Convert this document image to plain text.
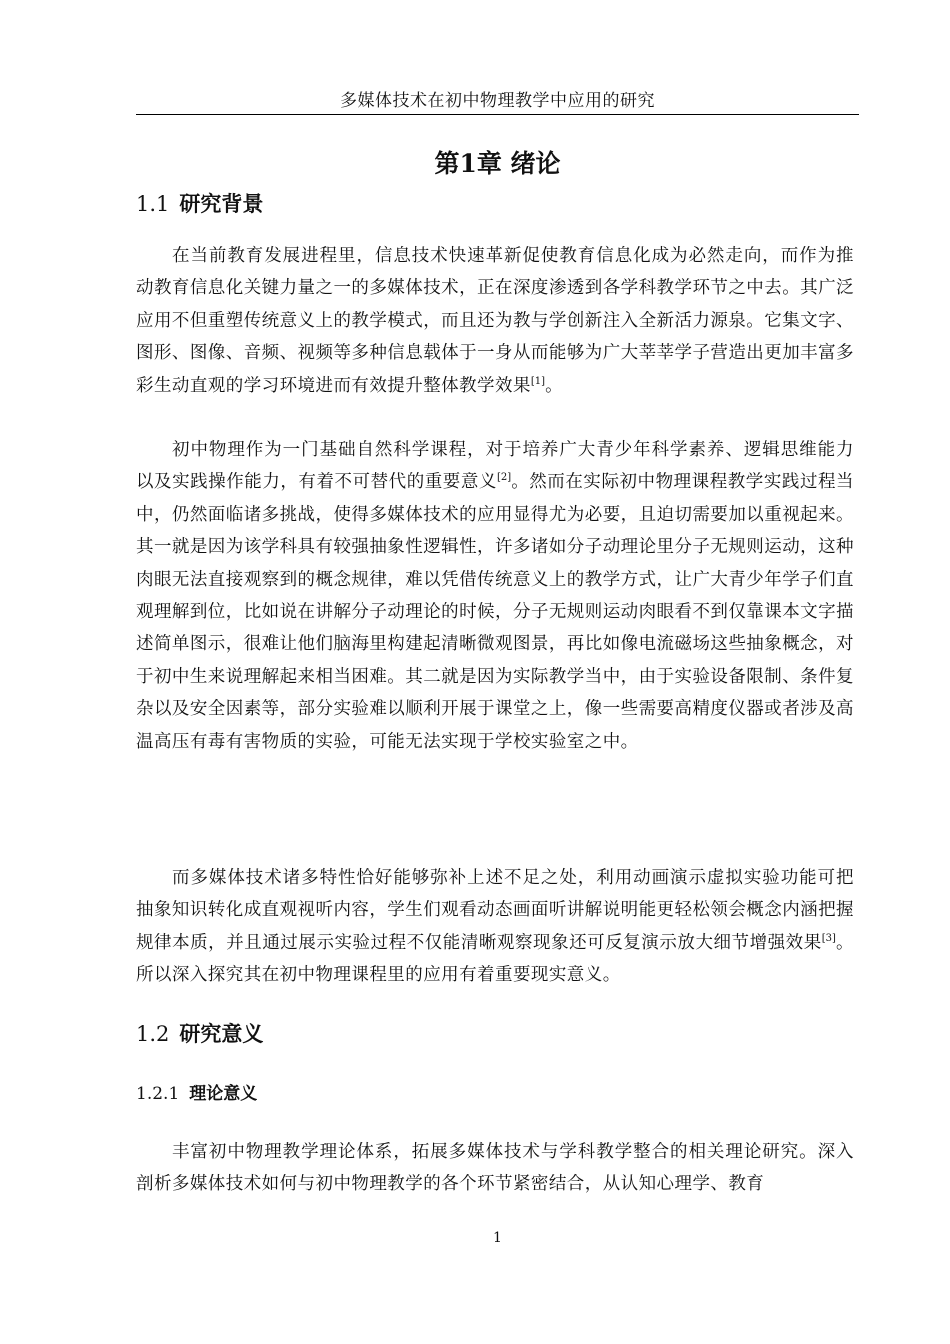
多媒体技术在初中物理教学中应用的研究
第1章 绪论
1.1 研究背景

在当前教育发展进程里，信息技术快速革新促使教育信息化成为必然走向，而作为推动教育信息化关键力量之一的多媒体技术，正在深度渗透到各学科教学环节之中去。其广泛应用不但重塑传统意义上的教学模式，而且还为教与学创新注入全新活力源泉。它集文字、图形、图像、音频、视频等多种信息载体于一身从而能够为广大莘莘学子营造出更加丰富多彩生动直观的学习环境进而有效提升整体教学效果[1]。

初中物理作为一门基础自然科学课程，对于培养广大青少年科学素养、逻辑思维能力以及实践操作能力，有着不可替代的重要意义[2]。然而在实际初中物理课程教学实践过程当中，仍然面临诸多挑战，使得多媒体技术的应用显得尤为必要，且迫切需要加以重视起来。其一就是因为该学科具有较强抽象性逻辑性，许多诸如分子动理论里分子无规则运动，这种肉眼无法直接观察到的概念规律，难以凭借传统意义上的教学方式，让广大青少年学子们直观理解到位，比如说在讲解分子动理论的时候，分子无规则运动肉眼看不到仅靠课本文字描述简单图示，很难让他们脑海里构建起清晰微观图景，再比如像电流磁场这些抽象概念，对于初中生来说理解起来相当困难。其二就是因为实际教学当中，由于实验设备限制、条件复杂以及安全因素等，部分实验难以顺利开展于课堂之上，像一些需要高精度仪器或者涉及高温高压有毒有害物质的实验，可能无法实现于学校实验室之中。

而多媒体技术诸多特性恰好能够弥补上述不足之处，利用动画演示虚拟实验功能可把抽象知识转化成直观视听内容，学生们观看动态画面听讲解说明能更轻松领会概念内涵把握规律本质，并且通过展示实验过程不仅能清晰观察现象还可反复演示放大细节增强效果[3]。所以深入探究其在初中物理课程里的应用有着重要现实意义。

1.2 研究意义
1.2.1 理论意义

丰富初中物理教学理论体系，拓展多媒体技术与学科教学整合的相关理论研究。深入剖析多媒体技术如何与初中物理教学的各个环节紧密结合，从认知心理学、教育

1
